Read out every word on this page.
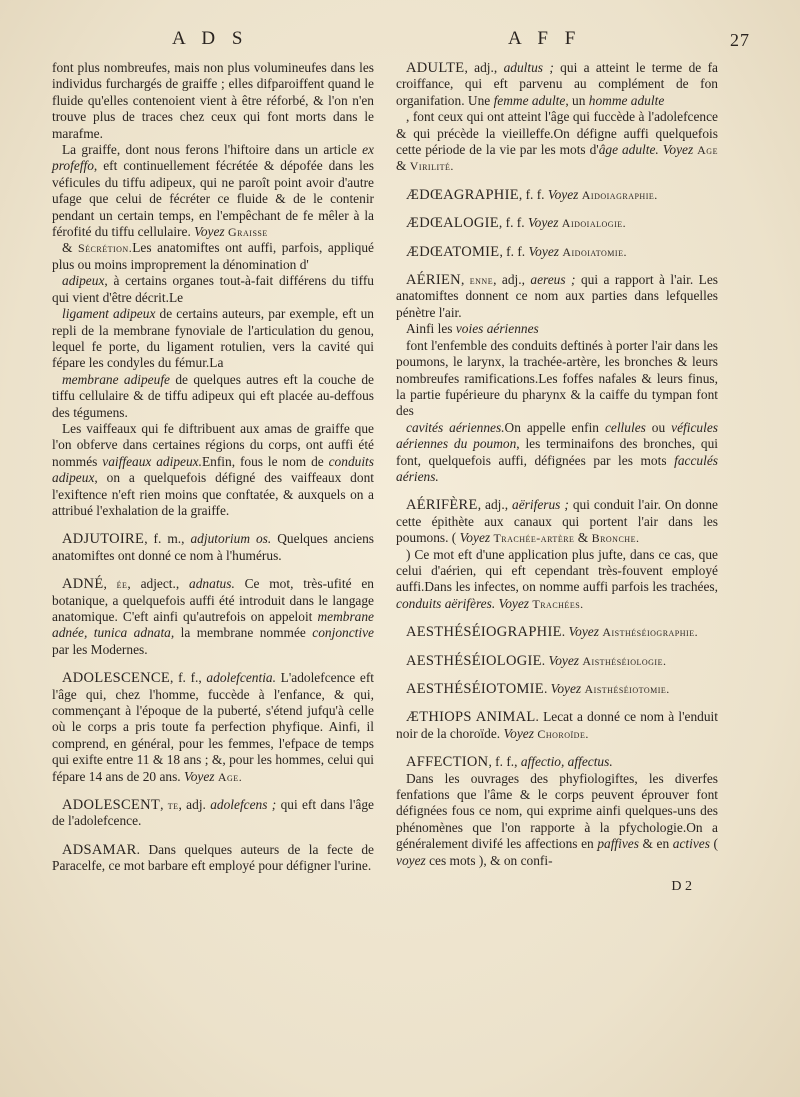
A D S	A F F	27

font plus nombreufes, mais non plus volumineufes dans les individus furchargés de graiffe ; elles difparoiffent quand le fluide qu'elles contenoient vient à être réforbé, & l'on n'en trouve plus de traces chez ceux qui font morts dans le marafme.

La graiffe, dont nous ferons l'hiftoire dans un article ex profeffo, eft continuellement fécrétée & dépofée dans les véficules du tiffu adipeux, qui ne paroît point avoir d'autre ufage que celui de fécréter ce fluide & de le contenir pendant un certain temps, en l'empêchant de fe mêler à la férofité du tiffu cellulaire. Voyez Graisse

& Sécrétion.Les anatomiftes ont auffi, parfois, appliqué plus ou moins improprement la dénomination d'

adipeux, à certains organes tout-à-fait différens du tiffu qui vient d'être décrit.Le

ligament adipeux de certains auteurs, par exemple, eft un repli de la membrane fynoviale de l'articulation du genou, lequel fe porte, du ligament rotulien, vers la cavité qui fépare les condyles du fémur.La

membrane adipeufe de quelques autres eft la couche de tiffu cellulaire & de tiffu adipeux qui eft placée au-deffous des tégumens.

Les vaiffeaux qui fe diftribuent aux amas de graiffe que l'on obferve dans certaines régions du corps, ont auffi été nommés vaiffeaux adipeux.Enfin, fous le nom de conduits adipeux, on a quelquefois défigné des vaiffeaux dont l'exiftence n'eft rien moins que conftatée, & auxquels on a attribué l'exhalation de la graiffe.

ADJUTOIRE, f. m., adjutorium os. Quelques anciens anatomiftes ont donné ce nom à l'humérus.

ADNÉ, ée, adject., adnatus. Ce mot, très-ufité en botanique, a quelquefois auffi été introduit dans le langage anatomique. C'eft ainfi qu'autrefois on appeloit membrane adnée, tunica adnata, la membrane nommée conjonctive par les Modernes.

ADOLESCENCE, f. f., adolefcentia. L'adolefcence eft l'âge qui, chez l'homme, fuccède à l'enfance, & qui, commençant à l'époque de la puberté, s'étend jufqu'à celle où le corps a pris toute fa perfection phyfique. Ainfi, il comprend, en général, pour les femmes, l'efpace de temps qui exifte entre 11 & 18 ans ; &, pour les hommes, celui qui fépare 14 ans de 20 ans. Voyez Age.

ADOLESCENT, te, adj. adolefcens ; qui eft dans l'âge de l'adolefcence.

ADSAMAR. Dans quelques auteurs de la fecte de Paracelfe, ce mot barbare eft employé pour défigner l'urine.

ADULTE, adj., adultus ; qui a atteint le terme de fa croiffance, qui eft parvenu au complément de fon organifation. Une femme adulte, un homme adulte

, font ceux qui ont atteint l'âge qui fuccède à l'adolefcence & qui précède la vieilleffe.On défigne auffi quelquefois cette période de la vie par les mots d'âge adulte. Voyez Age & Virilité.

ÆDŒAGRAPHIE, f. f. Voyez Aidoiagraphie.

ÆDŒALOGIE, f. f. Voyez Aidoialogie.

ÆDŒATOMIE, f. f. Voyez Aidoiatomie.

AÉRIEN, enne, adj., aereus ; qui a rapport à l'air. Les anatomiftes donnent ce nom aux parties dans lefquelles pénètre l'air.

Ainfi les voies aériennes

font l'enfemble des conduits deftinés à porter l'air dans les poumons, le larynx, la trachée-artère, les bronches & leurs nombreufes ramifications.Les foffes nafales & leurs finus, la partie fupérieure du pharynx & la caiffe du tympan font des

cavités aériennes.On appelle enfin cellules ou véficules aériennes du poumon, les terminaifons des bronches, qui font, quelquefois auffi, défignées par les mots facculés aériens.

AÉRIFÈRE, adj., aëriferus ; qui conduit l'air. On donne cette épithète aux canaux qui portent l'air dans les poumons. ( Voyez Trachée-artère & Bronche.

) Ce mot eft d'une application plus jufte, dans ce cas, que celui d'aérien, qui eft cependant très-fouvent employé auffi.Dans les infectes, on nomme auffi parfois les trachées, conduits aërifères. Voyez Trachées.

AESTHÉSÉIOGRAPHIE. Voyez Aisthéséiographie.

AESTHÉSÉIOLOGIE. Voyez Aisthéséiologie.

AESTHÉSÉIOTOMIE. Voyez Aisthéséiotomie.

ÆTHIOPS ANIMAL. Lecat a donné ce nom à l'enduit noir de la choroïde. Voyez Choroïde.

AFFECTION, f. f., affectio, affectus.

Dans les ouvrages des phyfiologiftes, les diverfes fenfations que l'âme & le corps peuvent éprouver font défignées fous ce nom, qui exprime ainfi quelques-uns des phénomènes que l'on rapporte à la pfychologie.On a généralement divifé les affections en paffives & en actives ( voyez ces mots ), & on confi-

D 2
